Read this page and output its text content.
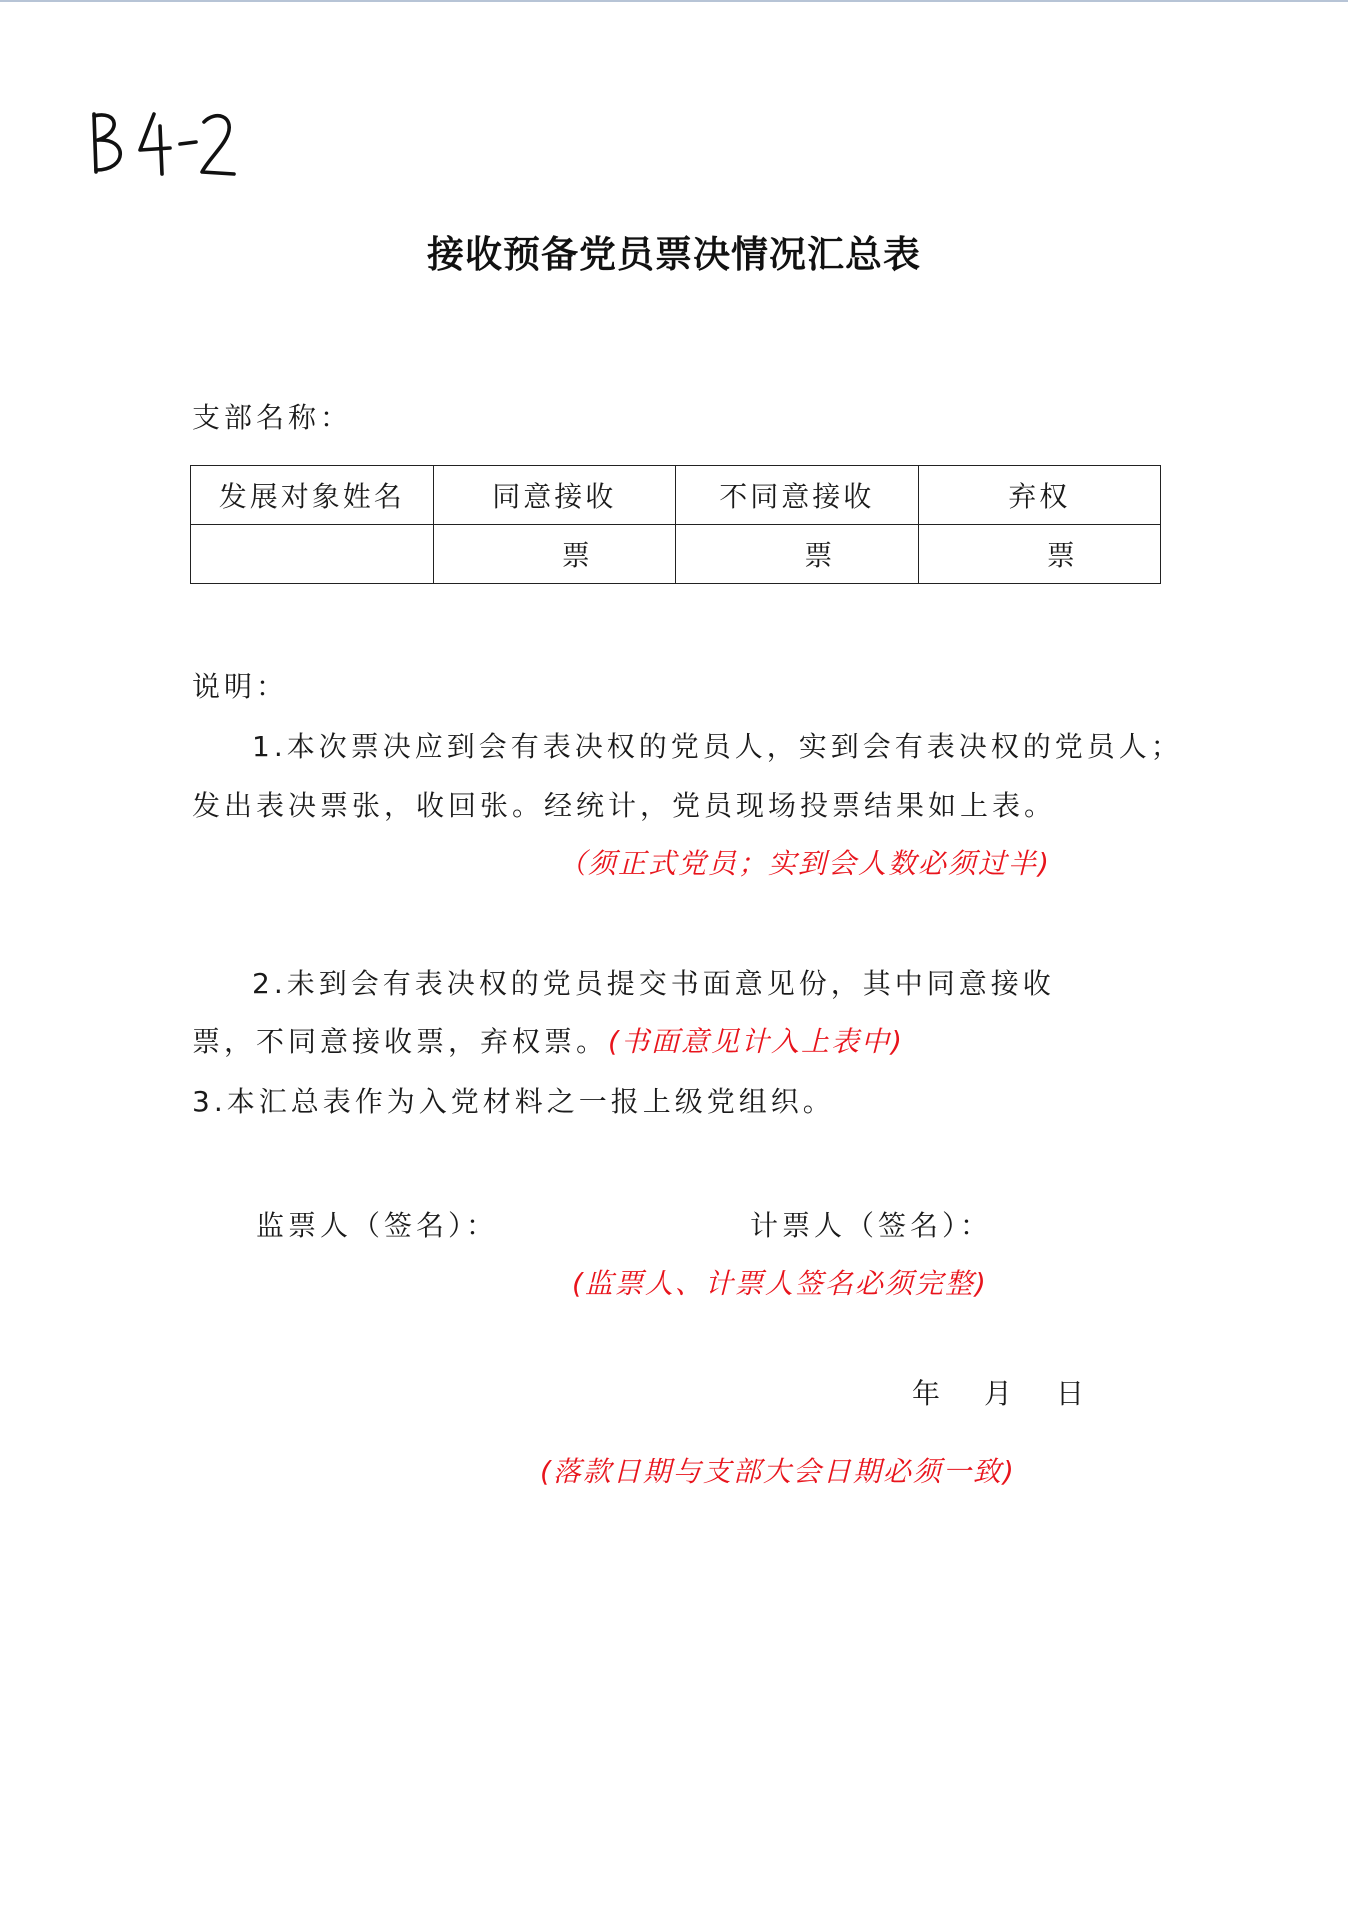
接收预备党员票决情况汇总表
支部名称：
发展对象姓名	同意接收	不同意接收	弃权
	票	票	票
说明：
1.本次票决应到会有表决权的党员人，实到会有表决权的党员人；
发出表决票张，收回张。经统计，党员现场投票结果如上表。
（须正式党员；实到会人数必须过半)
2.未到会有表决权的党员提交书面意见份，其中同意接收
票，不同意接收票，弃权票。(书面意见计入上表中)
3.本汇总表作为入党材料之一报上级党组织。
监票人（签名）：	计票人（签名）：
(监票人、计票人签名必须完整)
年 月 日
(落款日期与支部大会日期必须一致)
